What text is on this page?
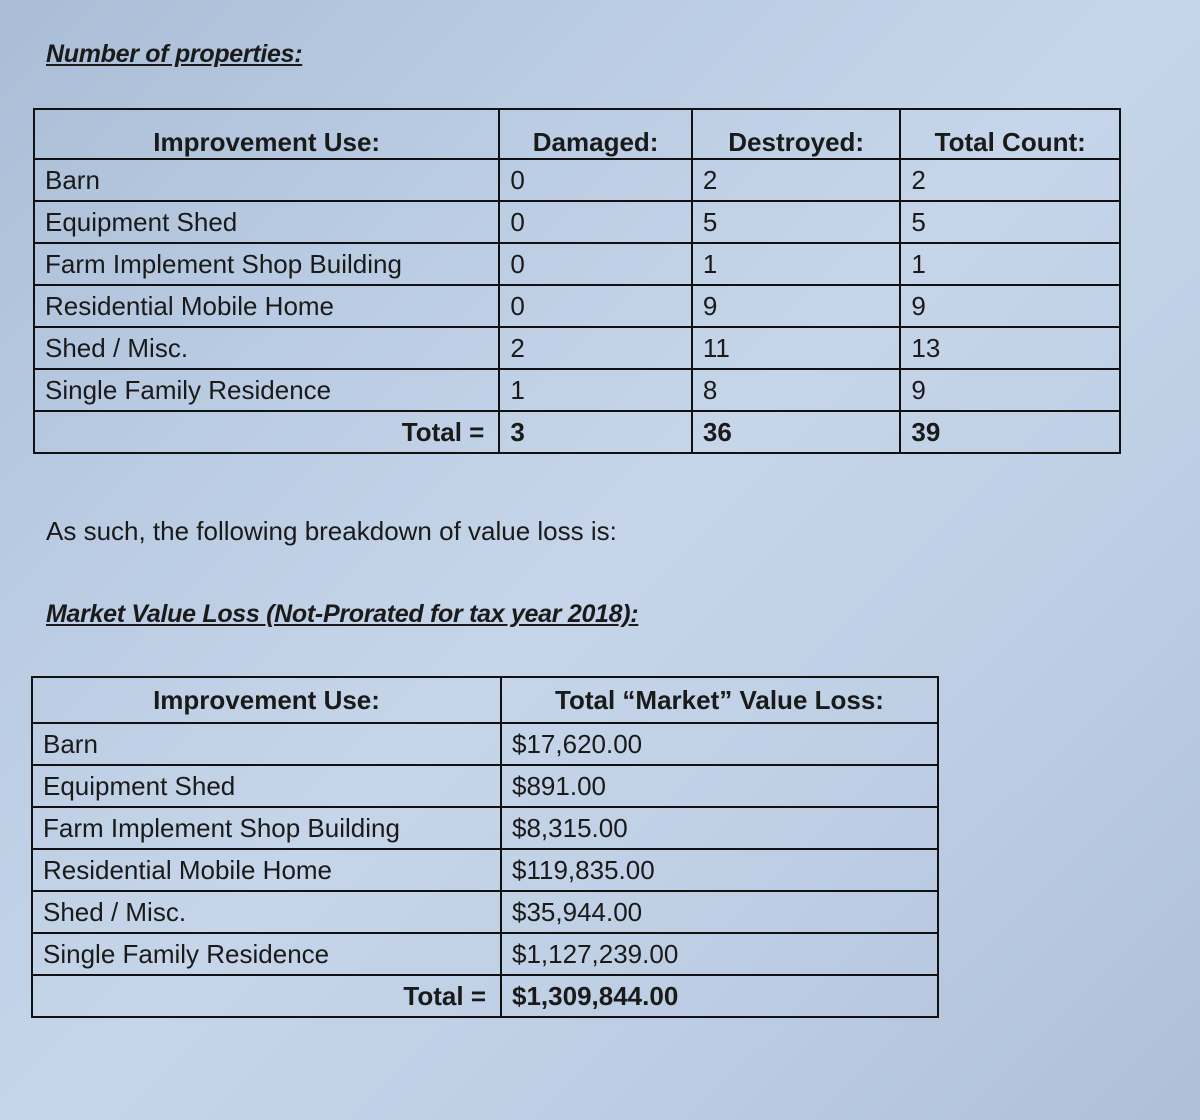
Number of properties:

Improvement Use:	Damaged:	Destroyed:	Total Count:
Barn	0	2	2
Equipment Shed	0	5	5
Farm Implement Shop Building	0	1	1
Residential Mobile Home	0	9	9
Shed / Misc.	2	11	13
Single Family Residence	1	8	9
Total =	3	36	39

As such, the following breakdown of value loss is:

Market Value Loss (Not-Prorated for tax year 2018):

Improvement Use:	Total “Market” Value Loss:
Barn	$17,620.00
Equipment Shed	$891.00
Farm Implement Shop Building	$8,315.00
Residential Mobile Home	$119,835.00
Shed / Misc.	$35,944.00
Single Family Residence	$1,127,239.00
Total =	$1,309,844.00
